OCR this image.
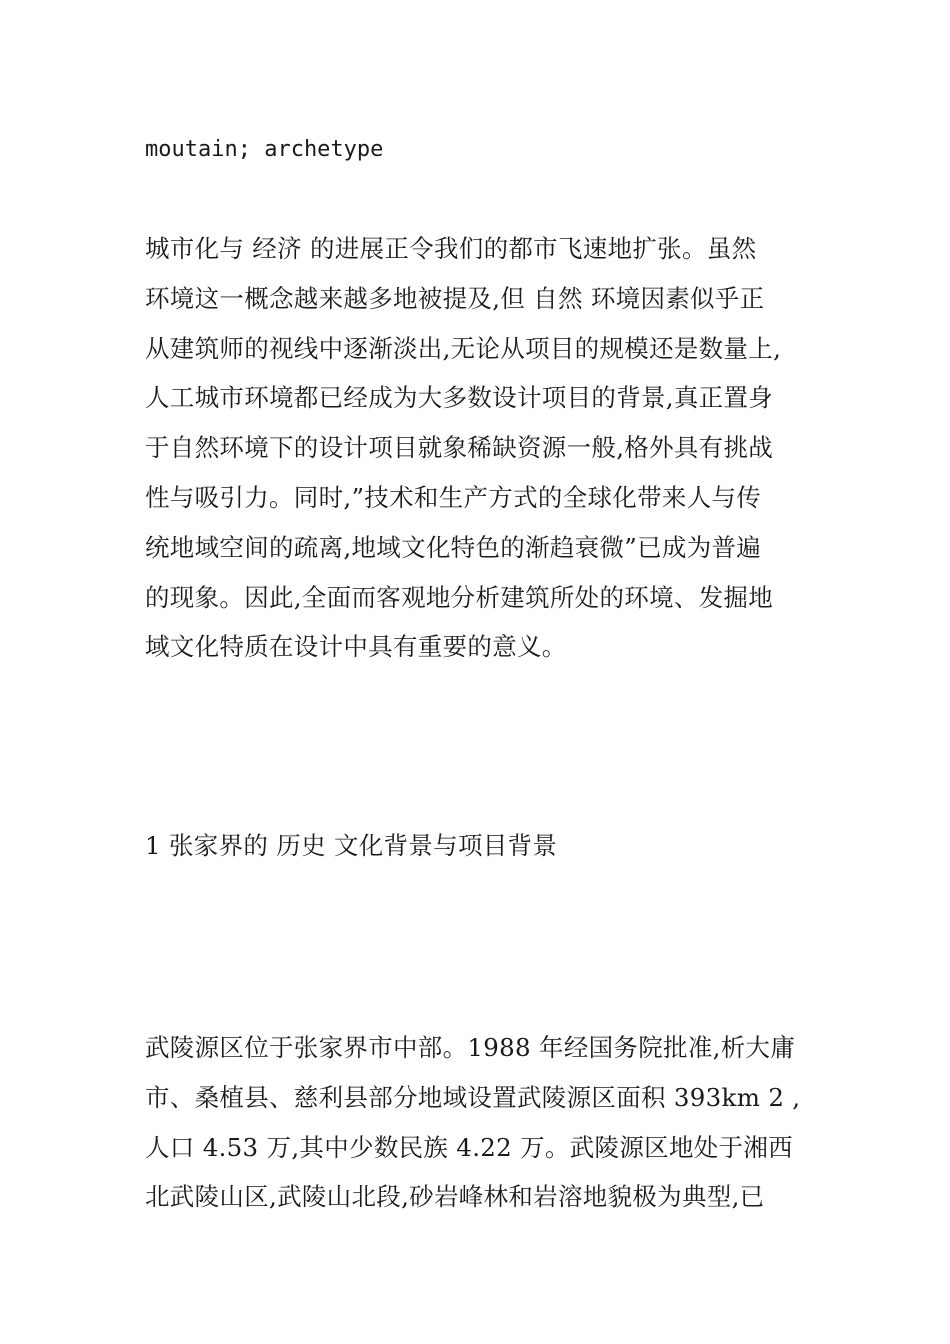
moutain; archetype
城市化与 经济 的进展正令我们的都市飞速地扩张。虽然
环境这一概念越来越多地被提及,但 自然 环境因素似乎正
从建筑师的视线中逐渐淡出,无论从项目的规模还是数量上,
人工城市环境都已经成为大多数设计项目的背景,真正置身
于自然环境下的设计项目就象稀缺资源一般,格外具有挑战
性与吸引力。同时,”技术和生产方式的全球化带来人与传
统地域空间的疏离,地域文化特色的渐趋衰微”已成为普遍
的现象。因此,全面而客观地分析建筑所处的环境、发掘地
域文化特质在设计中具有重要的意义。
1 张家界的 历史 文化背景与项目背景
武陵源区位于张家界市中部。1988 年经国务院批准,析大庸
市、桑植县、慈利县部分地域设置武陵源区面积 393km 2 ,
人口 4.53 万,其中少数民族 4.22 万。武陵源区地处于湘西
北武陵山区,武陵山北段,砂岩峰林和岩溶地貌极为典型,已
